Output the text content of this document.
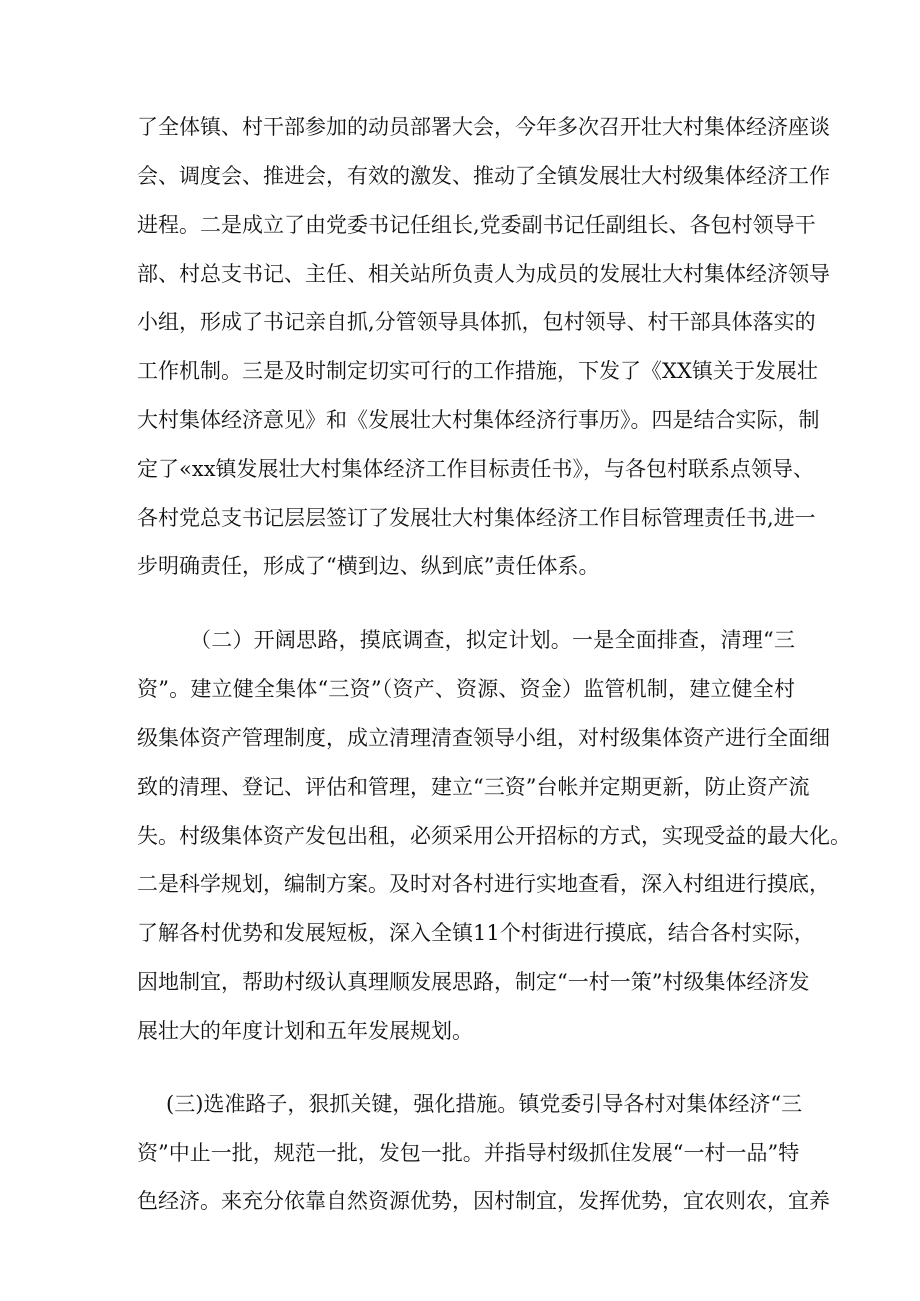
了全体镇、村干部参加的动员部署大会，今年多次召开壮大村集体经济座谈
会、调度会、推进会，有效的激发、推动了全镇发展壮大村级集体经济工作
进程。二是成立了由党委书记任组长,党委副书记任副组长、各包村领导干
部、村总支书记、主任、相关站所负责人为成员的发展壮大村集体经济领导
小组，形成了书记亲自抓,分管领导具体抓，包村领导、村干部具体落实的
工作机制。三是及时制定切实可行的工作措施，下发了《XX镇关于发展壮
大村集体经济意见》和《发展壮大村集体经济行事历》。四是结合实际，制
定了«xx镇发展壮大村集体经济工作目标责任书》，与各包村联系点领导、
各村党总支书记层层签订了发展壮大村集体经济工作目标管理责任书,进一
步明确责任，形成了“横到边、纵到底”责任体系。
（二）开阔思路，摸底调查，拟定计划。一是全面排查，清理“三
资”。建立健全集体“三资”（资产、资源、资金）监管机制，建立健全村
级集体资产管理制度，成立清理清查领导小组，对村级集体资产进行全面细
致的清理、登记、评估和管理，建立“三资”台帐并定期更新，防止资产流
失。村级集体资产发包出租，必须采用公开招标的方式，实现受益的最大化。
二是科学规划，编制方案。及时对各村进行实地查看，深入村组进行摸底，
了解各村优势和发展短板，深入全镇11个村街进行摸底，结合各村实际，
因地制宜，帮助村级认真理顺发展思路，制定“一村一策”村级集体经济发
展壮大的年度计划和五年发展规划。
(三)选准路子，狠抓关键，强化措施。镇党委引导各村对集体经济“三
资”中止一批，规范一批，发包一批。并指导村级抓住发展“一村一品”特
色经济。来充分依靠自然资源优势，因村制宜，发挥优势，宜农则农，宜养
